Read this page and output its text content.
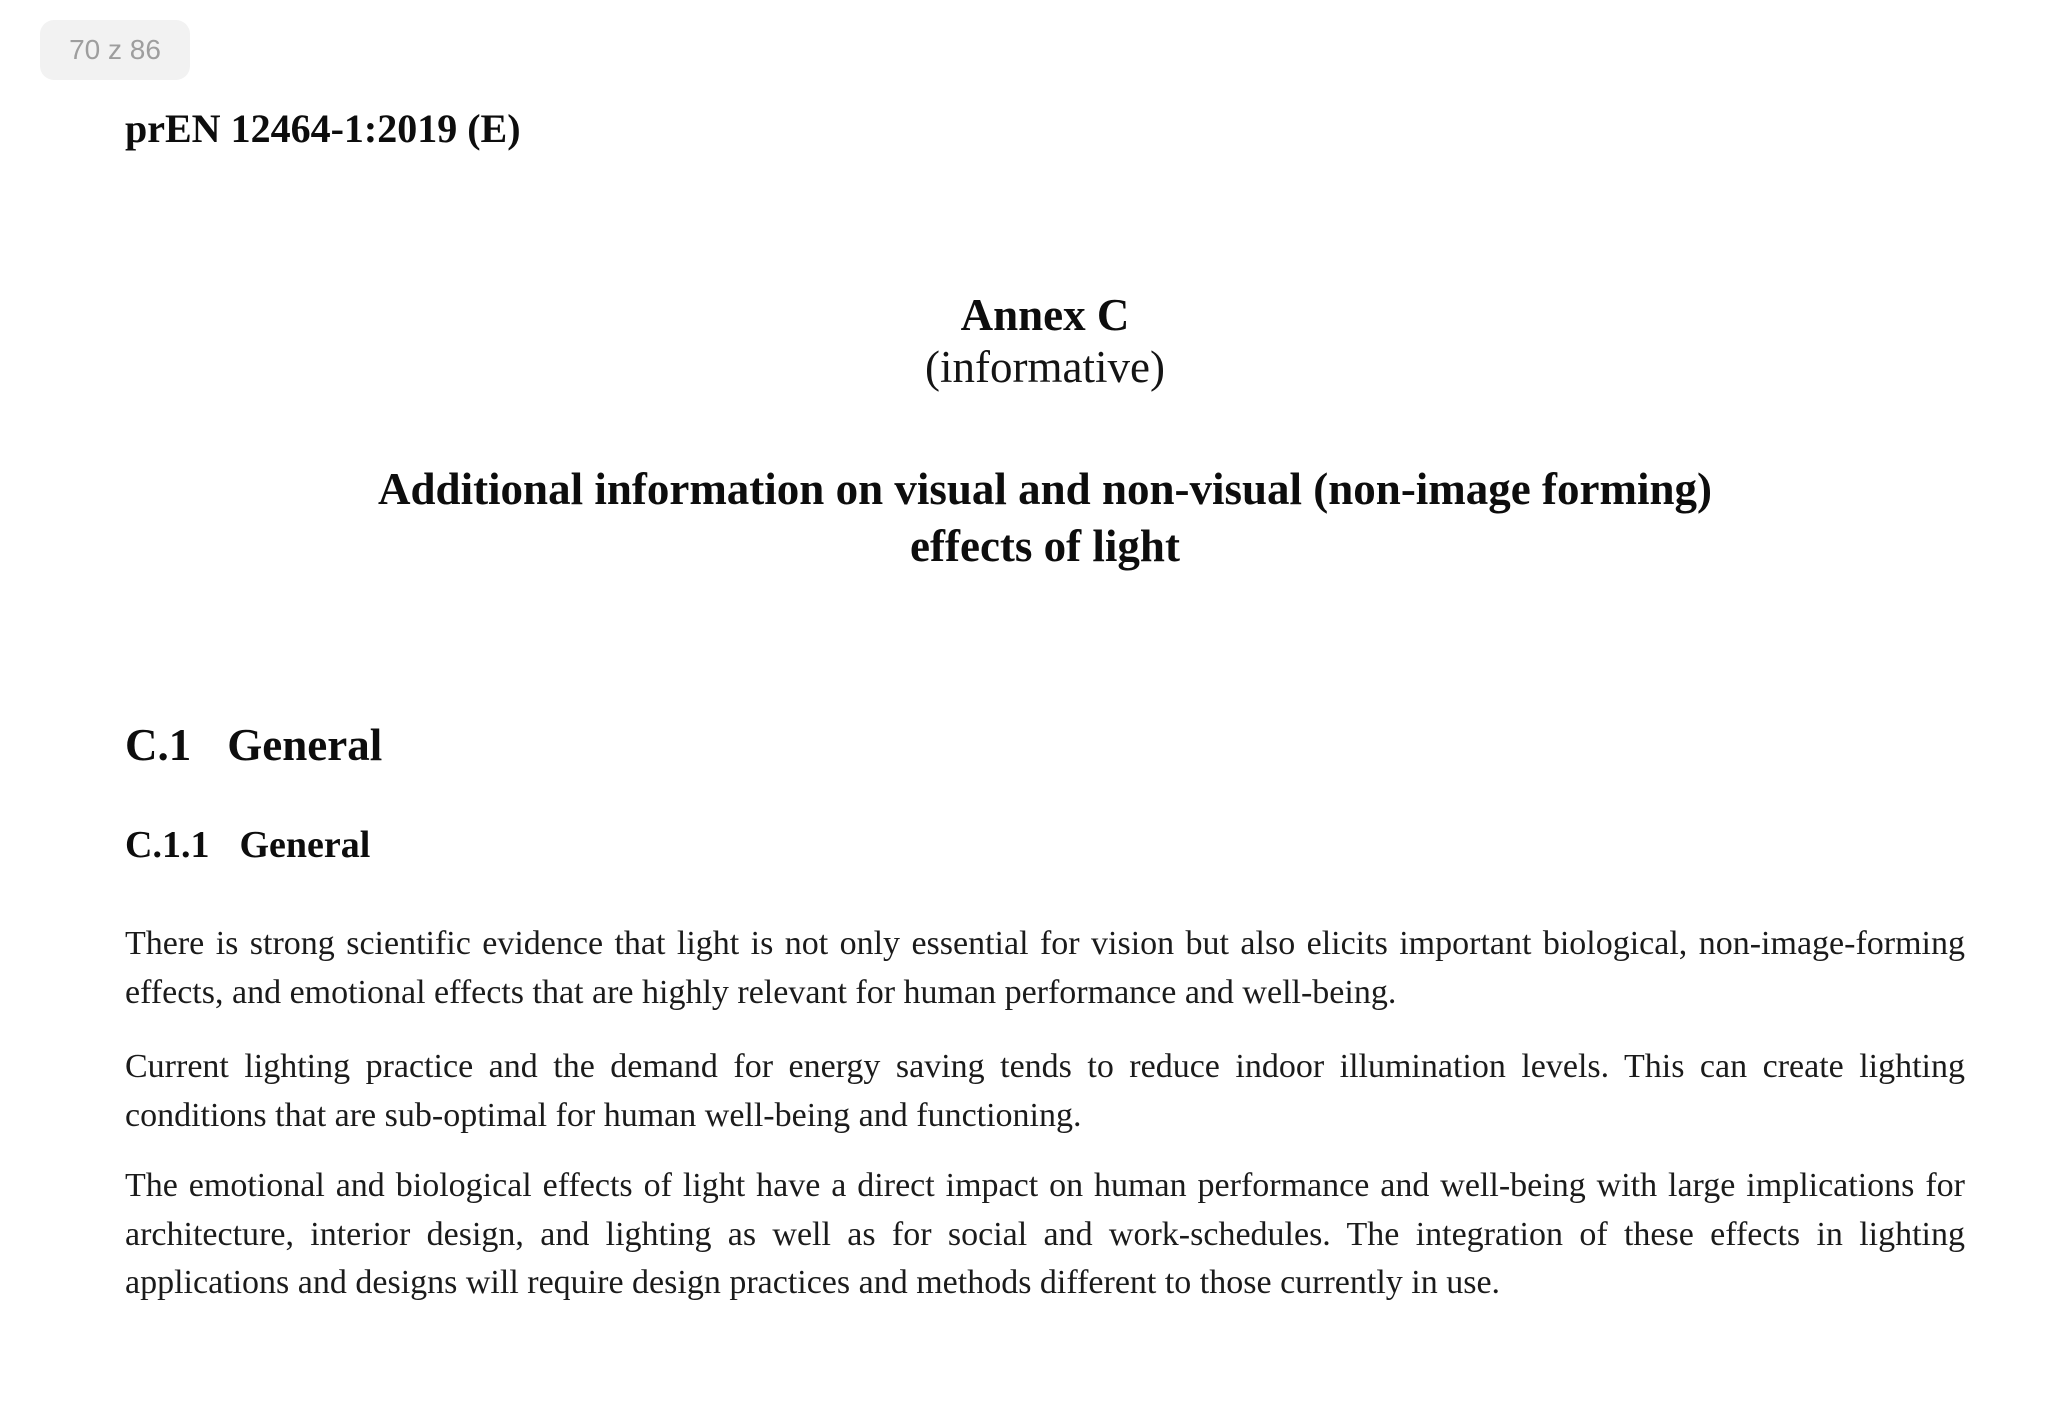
70 z 86
prEN 12464-1:2019 (E)
Annex C
(informative)
Additional information on visual and non-visual (non-image forming)
effects of light
C.1 General
C.1.1 General

There is strong scientific evidence that light is not only essential for vision but also elicits important biological, non-image-forming effects, and emotional effects that are highly relevant for human performance and well-being.

Current lighting practice and the demand for energy saving tends to reduce indoor illumination levels. This can create lighting conditions that are sub-optimal for human well-being and functioning.

The emotional and biological effects of light have a direct impact on human performance and well-being with large implications for architecture, interior design, and lighting as well as for social and work-schedules. The integration of these effects in lighting applications and designs will require design practices and methods different to those currently in use.
